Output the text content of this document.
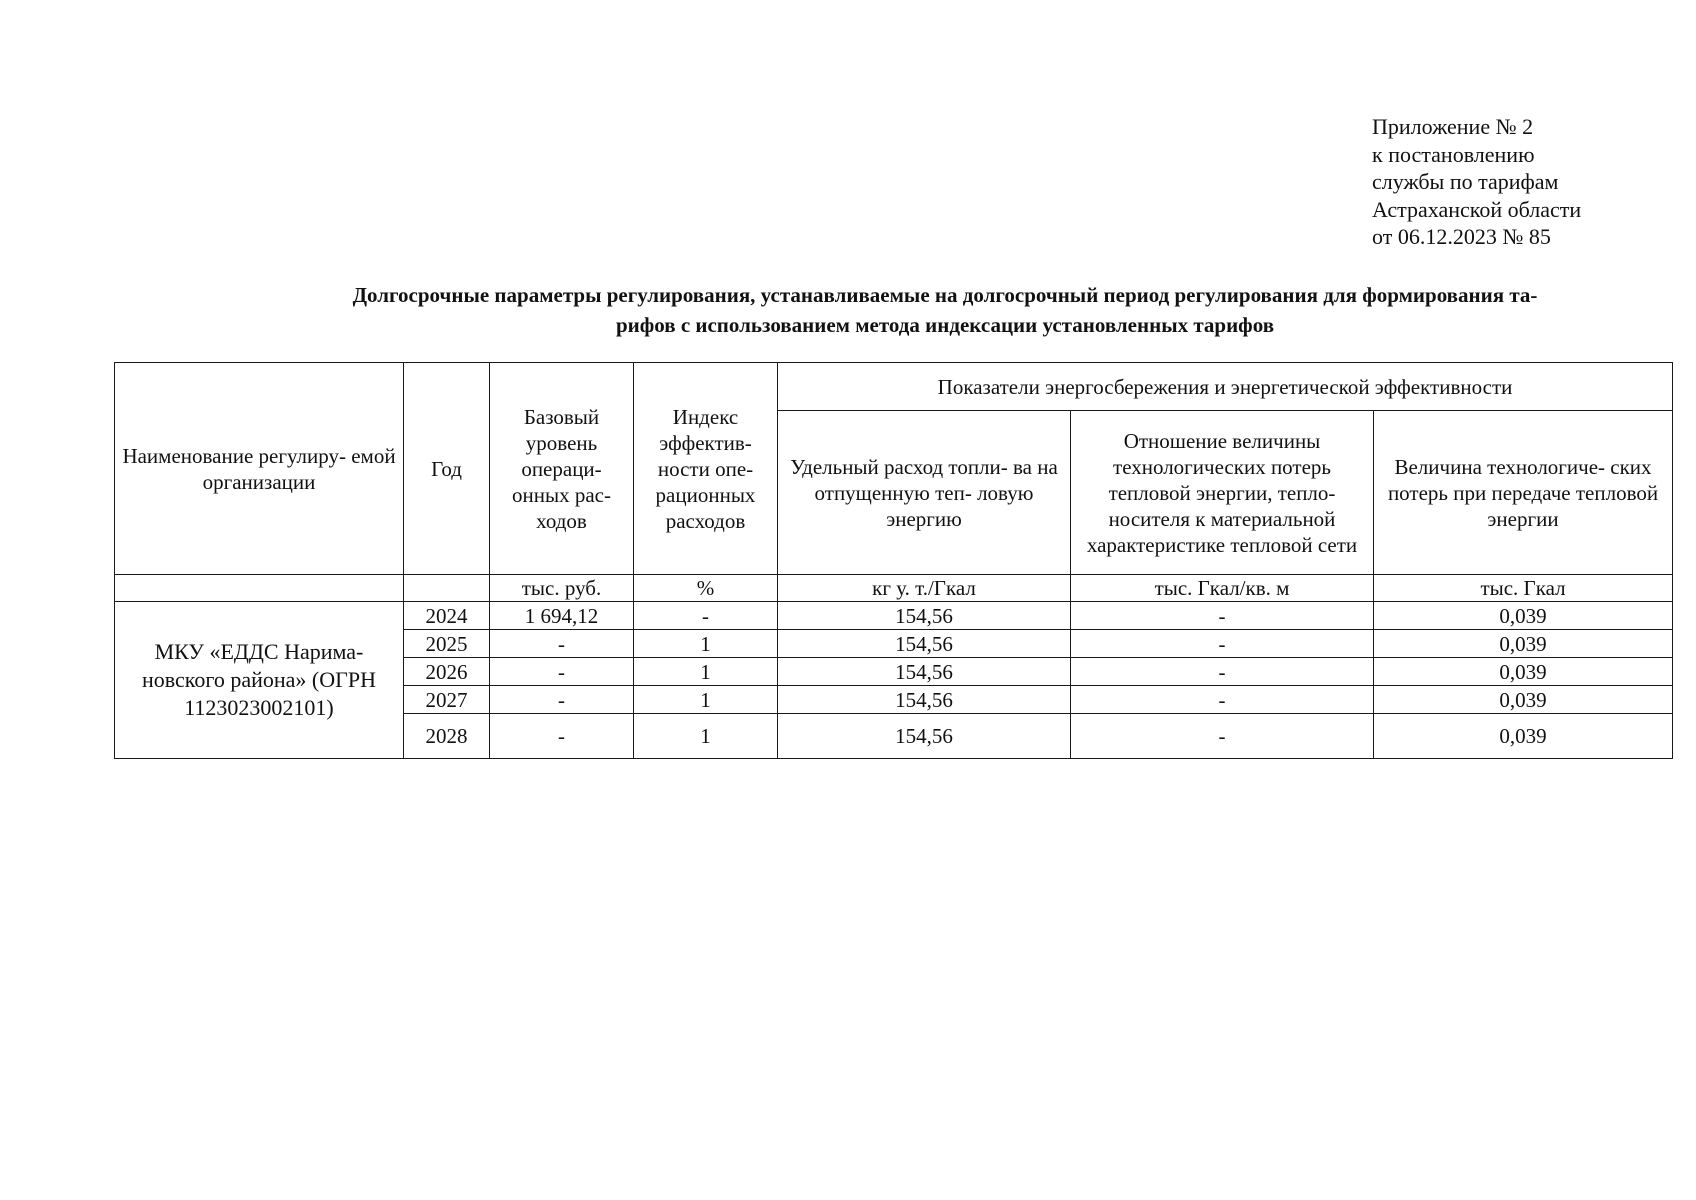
Приложение № 2
к постановлению
службы по тарифам
Астраханской области
от 06.12.2023 № 85
Долгосрочные параметры регулирования, устанавливаемые на долгосрочный период регулирования для формирования та-
рифов с использованием метода индексации установленных тарифов
Наименование регулиру- емой организации	Год	Базовый уровень операци- онных рас- ходов	Индекс эффектив- ности опе- рационных расходов	Показатели энергосбережения и энергетической эффективности		
				Удельный расход топли- ва на отпущенную теп- ловую энергию	Отношение величины технологических потерь тепловой энергии, тепло- носителя к материальной характеристике тепловой сети	Величина технологиче- ских потерь при передаче тепловой энергии
		тыс. руб.	%	кг у. т./Гкал	тыс. Гкал/кв. м	тыс. Гкал
МКУ «ЕДДС Нарима- новского района» (ОГРН 1123023002101)	2024	1 694,12	-	154,56	-	0,039
	2025	-	1	154,56	-	0,039
	2026	-	1	154,56	-	0,039
	2027	-	1	154,56	-	0,039
	2028	-	1	154,56	-	0,039
